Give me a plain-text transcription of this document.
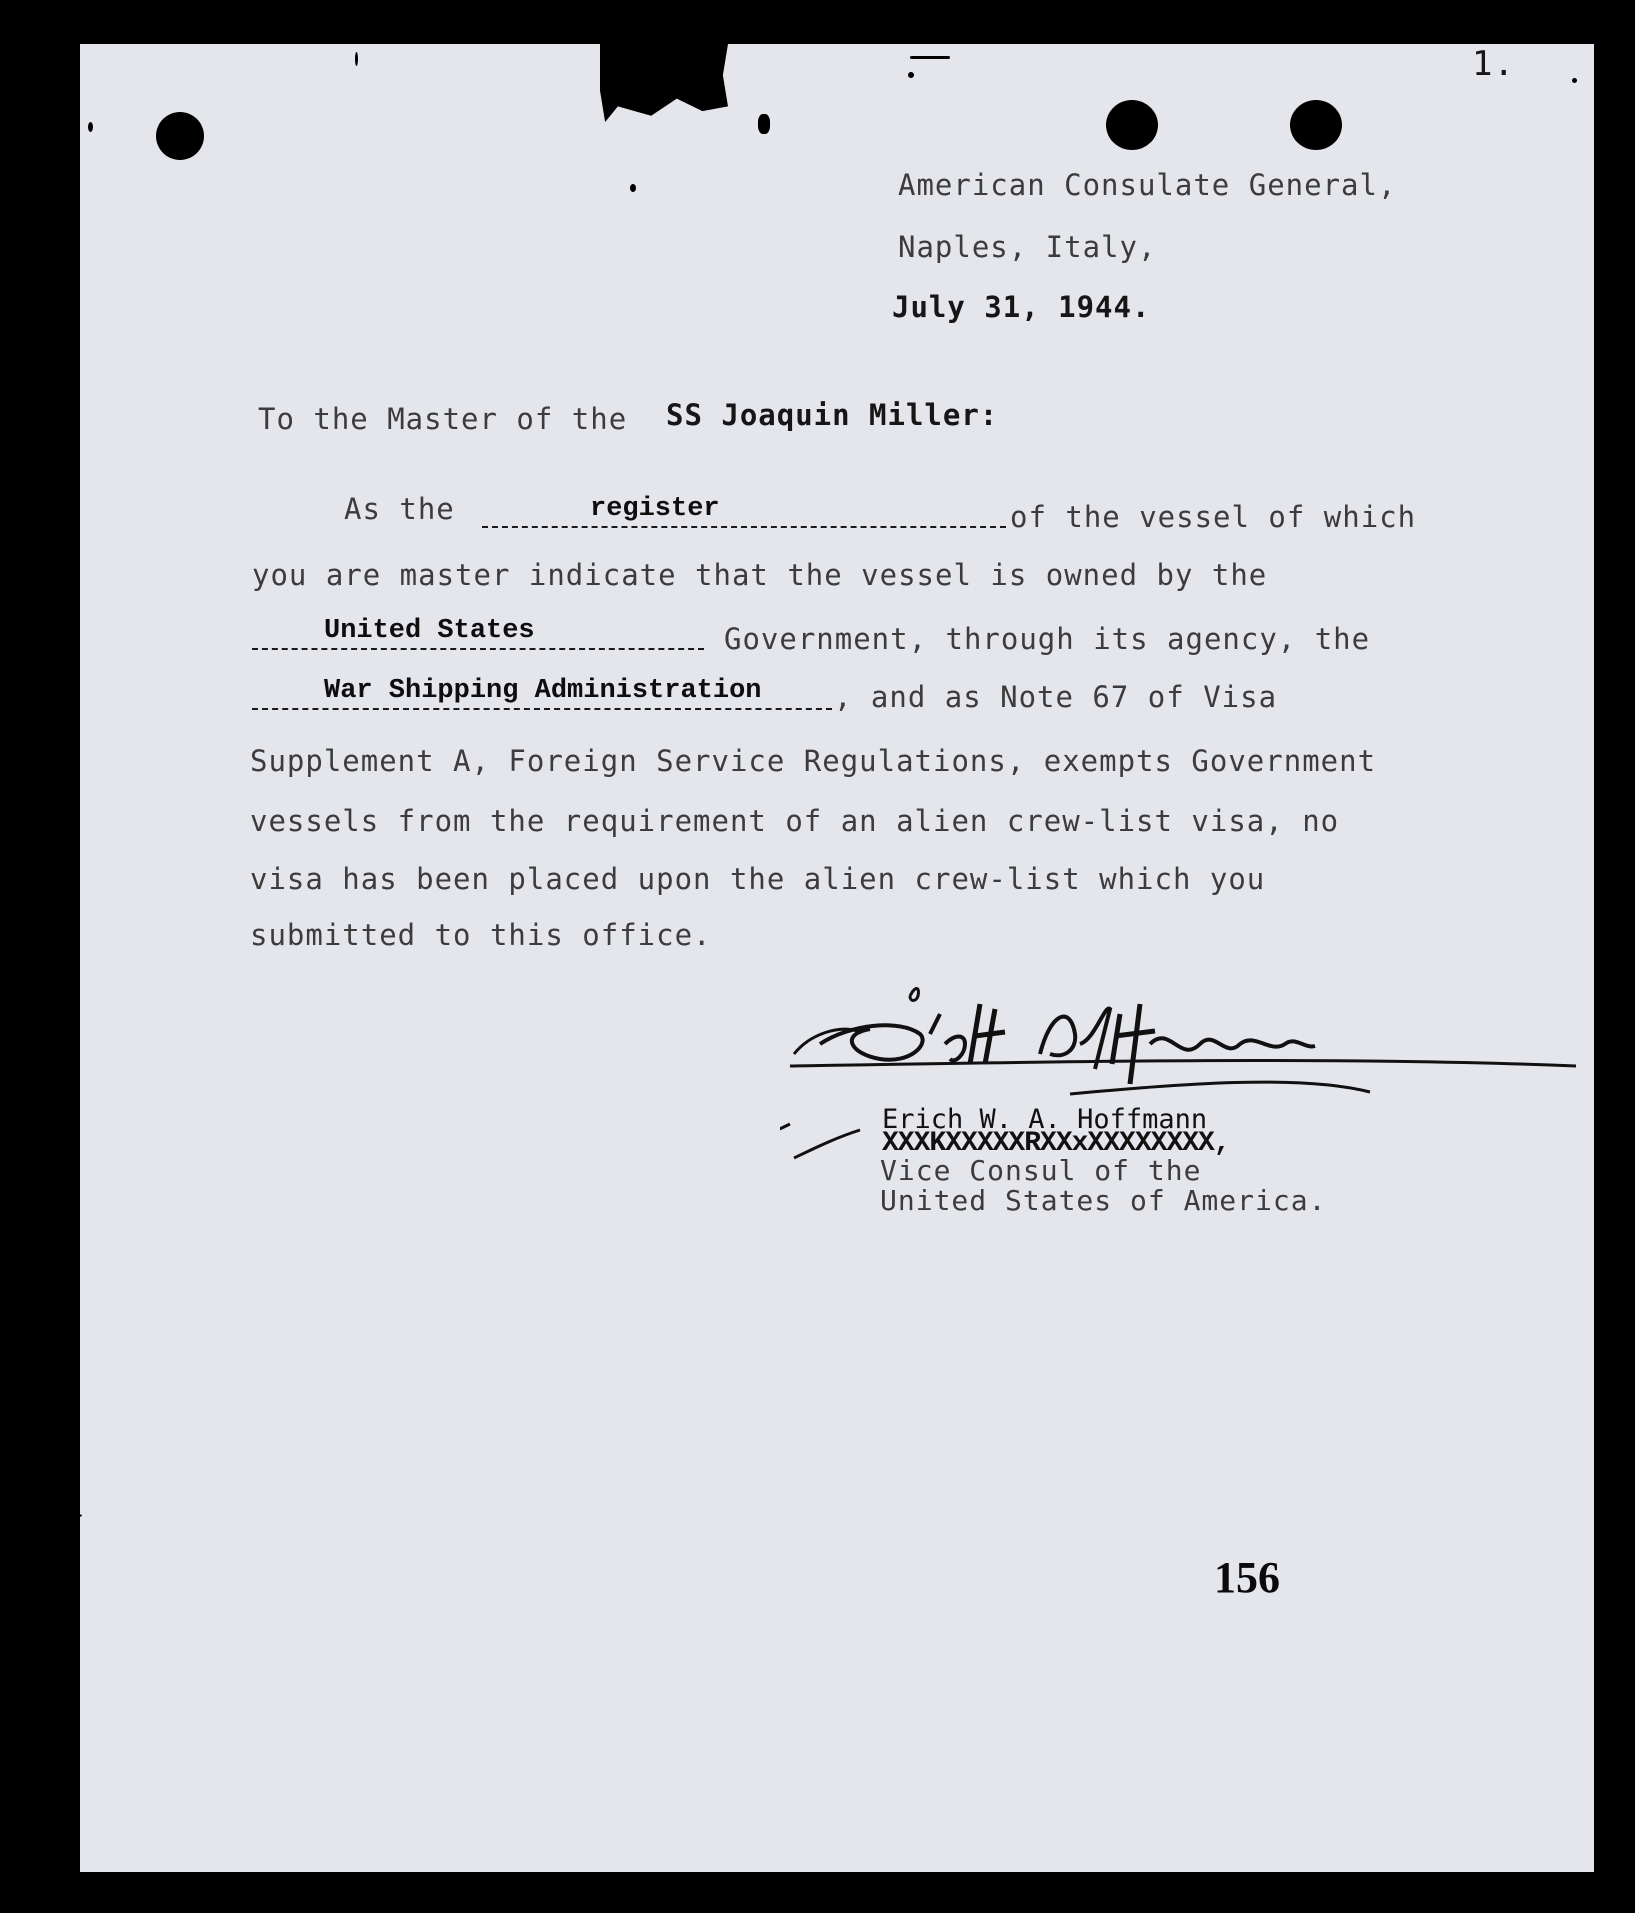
1.
American Consulate General,
Naples, Italy,
July 31, 1944.
To the Master of the SS Joaquin Miller:
As the	register	of the vessel of which
you are master indicate that the vessel is owned by the
United States	Government, through its agency, the
War Shipping Administration	, and as Note 67 of Visa
Supplement A, Foreign Service Regulations, exempts Government
vessels from the requirement of an alien crew-list visa, no
visa has been placed upon the alien crew-list which you
submitted to this office.
Erich W. A. Hoffmann
XXXKXXXXXRXXxXXXXXXXX,
Vice Consul of the
United States of America.
156
